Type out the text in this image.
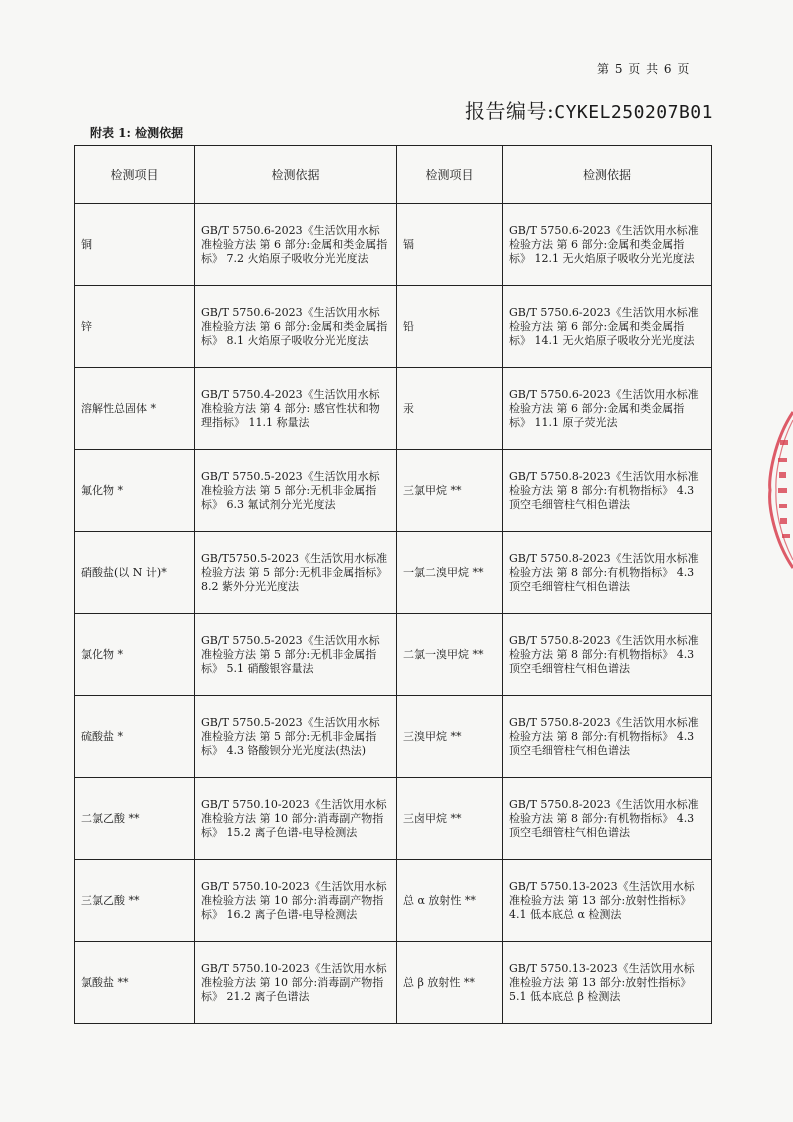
第 5 页 共 6 页
报告编号:CYKEL250207B01
附表 1: 检测依据
检测项目	检测依据	检测项目	检测依据
铜	GB/T 5750.6-2023《生活饮用水标准检验方法 第 6 部分:金属和类金属指标》 7.2 火焰原子吸收分光光度法	镉	GB/T 5750.6-2023《生活饮用水标准检验方法 第 6 部分:金属和类金属指标》 12.1 无火焰原子吸收分光光度法
锌	GB/T 5750.6-2023《生活饮用水标准检验方法 第 6 部分:金属和类金属指标》 8.1 火焰原子吸收分光光度法	铅	GB/T 5750.6-2023《生活饮用水标准检验方法 第 6 部分:金属和类金属指标》 14.1 无火焰原子吸收分光光度法
溶解性总固体 *	GB/T 5750.4-2023《生活饮用水标准检验方法 第 4 部分: 感官性状和物理指标》 11.1 称量法	汞	GB/T 5750.6-2023《生活饮用水标准检验方法 第 6 部分:金属和类金属指标》 11.1 原子荧光法
氟化物 *	GB/T 5750.5-2023《生活饮用水标准检验方法 第 5 部分:无机非金属指标》 6.3 氟试剂分光光度法	三氯甲烷 **	GB/T 5750.8-2023《生活饮用水标准检验方法 第 8 部分:有机物指标》 4.3 顶空毛细管柱气相色谱法
硝酸盐(以 N 计)*	GB/T5750.5-2023《生活饮用水标准检验方法 第 5 部分:无机非金属指标》 8.2 紫外分光光度法	一氯二溴甲烷 **	GB/T 5750.8-2023《生活饮用水标准检验方法 第 8 部分:有机物指标》 4.3 顶空毛细管柱气相色谱法
氯化物 *	GB/T 5750.5-2023《生活饮用水标准检验方法 第 5 部分:无机非金属指标》 5.1 硝酸银容量法	二氯一溴甲烷 **	GB/T 5750.8-2023《生活饮用水标准检验方法 第 8 部分:有机物指标》 4.3 顶空毛细管柱气相色谱法
硫酸盐 *	GB/T 5750.5-2023《生活饮用水标准检验方法 第 5 部分:无机非金属指标》 4.3 铬酸钡分光光度法(热法)	三溴甲烷 **	GB/T 5750.8-2023《生活饮用水标准检验方法 第 8 部分:有机物指标》 4.3 顶空毛细管柱气相色谱法
二氯乙酸 **	GB/T 5750.10-2023《生活饮用水标准检验方法 第 10 部分:消毒副产物指标》 15.2 离子色谱-电导检测法	三卤甲烷 **	GB/T 5750.8-2023《生活饮用水标准检验方法 第 8 部分:有机物指标》 4.3 顶空毛细管柱气相色谱法
三氯乙酸 **	GB/T 5750.10-2023《生活饮用水标准检验方法 第 10 部分:消毒副产物指标》 16.2 离子色谱-电导检测法	总 α 放射性 **	GB/T 5750.13-2023《生活饮用水标准检验方法 第 13 部分:放射性指标》 4.1 低本底总 α 检测法
氯酸盐 **	GB/T 5750.10-2023《生活饮用水标准检验方法 第 10 部分:消毒副产物指标》 21.2 离子色谱法	总 β 放射性 **	GB/T 5750.13-2023《生活饮用水标准检验方法 第 13 部分:放射性指标》 5.1 低本底总 β 检测法
